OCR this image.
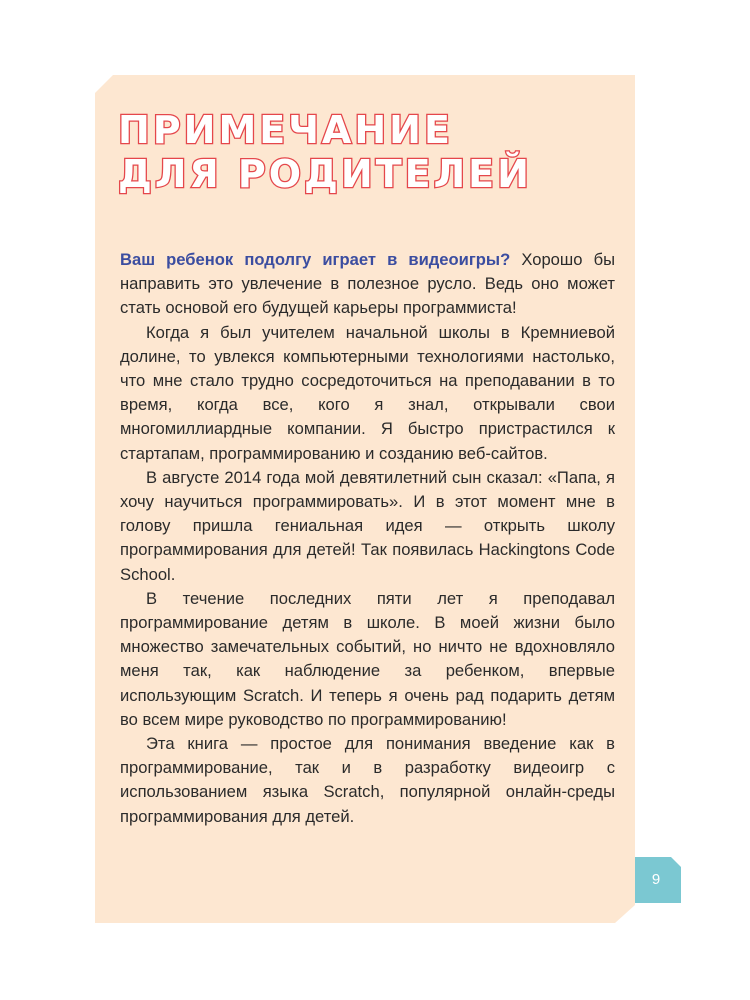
ПРИМЕЧАНИЕ
ДЛЯ РОДИТЕЛЕЙ

Ваш ребенок подолгу играет в видеоигры? Хорошо бы направить это увлечение в полезное русло. Ведь оно может стать основой его будущей карьеры программиста!

Когда я был учителем начальной школы в Кремниевой долине, то увлекся компьютерными технологиями настолько, что мне стало трудно сосредоточиться на преподавании в то время, когда все, кого я знал, открывали свои многомиллиардные компании. Я быстро пристрастился к стартапам, программированию и созданию веб-сайтов.

В августе 2014 года мой девятилетний сын сказал: «Папа, я хочу научиться программировать». И в этот момент мне в голову пришла гениальная идея — открыть школу программирования для детей! Так появилась Hackingtons Code School.

В течение последних пяти лет я преподавал программирование детям в школе. В моей жизни было множество замечательных событий, но ничто не вдохновляло меня так, как наблюдение за ребенком, впервые использующим Scratch. И теперь я очень рад подарить детям во всем мире руководство по программированию!

Эта книга — простое для понимания введение как в программирование, так и в разработку видеоигр с использованием языка Scratch, популярной онлайн-среды программирования для детей.

9
